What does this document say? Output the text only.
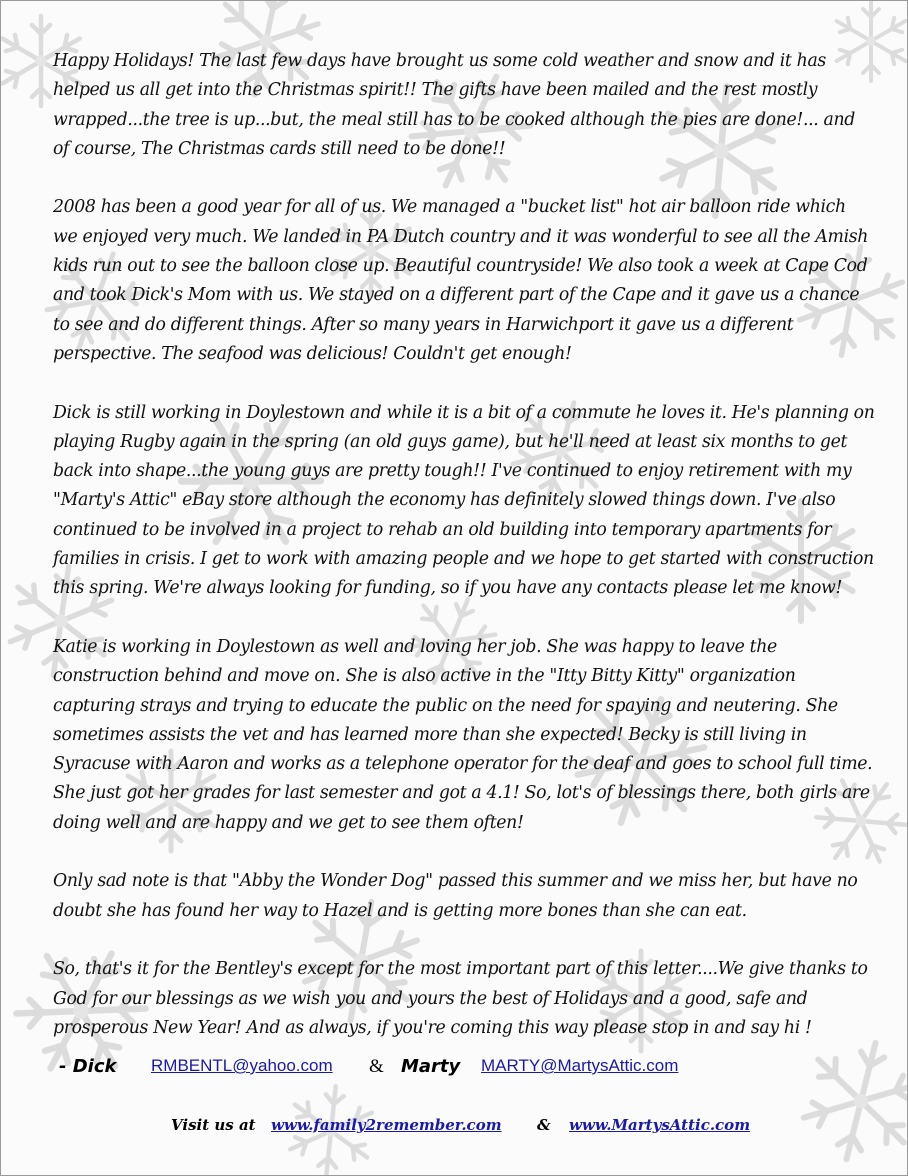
Happy Holidays! The last few days have brought us some cold weather and snow and it has helped us all get into the Christmas spirit!! The gifts have been mailed and the rest mostly wrapped...the tree is up...but, the meal still has to be cooked although the pies are done!... and of course, The Christmas cards still need to be done!!

2008 has been a good year for all of us. We managed a "bucket list" hot air balloon ride which we enjoyed very much. We landed in PA Dutch country and it was wonderful to see all the Amish kids run out to see the balloon close up. Beautiful countryside! We also took a week at Cape Cod and took Dick's Mom with us. We stayed on a different part of the Cape and it gave us a chance to see and do different things. After so many years in Harwichport it gave us a different perspective. The seafood was delicious! Couldn't get enough!

Dick is still working in Doylestown and while it is a bit of a commute he loves it. He's planning on playing Rugby again in the spring (an old guys game), but he'll need at least six months to get back into shape...the young guys are pretty tough!! I've continued to enjoy retirement with my "Marty's Attic" eBay store although the economy has definitely slowed things down. I've also continued to be involved in a project to rehab an old building into temporary apartments for families in crisis. I get to work with amazing people and we hope to get started with construction this spring. We're always looking for funding, so if you have any contacts please let me know!

Katie is working in Doylestown as well and loving her job. She was happy to leave the construction behind and move on. She is also active in the "Itty Bitty Kitty" organization capturing strays and trying to educate the public on the need for spaying and neutering. She sometimes assists the vet and has learned more than she expected! Becky is still living in Syracuse with Aaron and works as a telephone operator for the deaf and goes to school full time. She just got her grades for last semester and got a 4.1! So, lot's of blessings there, both girls are doing well and are happy and we get to see them often!

Only sad note is that "Abby the Wonder Dog" passed this summer and we miss her, but have no doubt she has found her way to Hazel and is getting more bones than she can eat.

So, that's it for the Bentley's except for the most important part of this letter....We give thanks to God for our blessings as we wish you and yours the best of Holidays and a good, safe and prosperous New Year! And as always, if you're coming this way please stop in and say hi !

- Dick RMBENTL@yahoo.com & Marty MARTY@MartysAttic.com
Visit us at www.family2remember.com & www.MartysAttic.com
